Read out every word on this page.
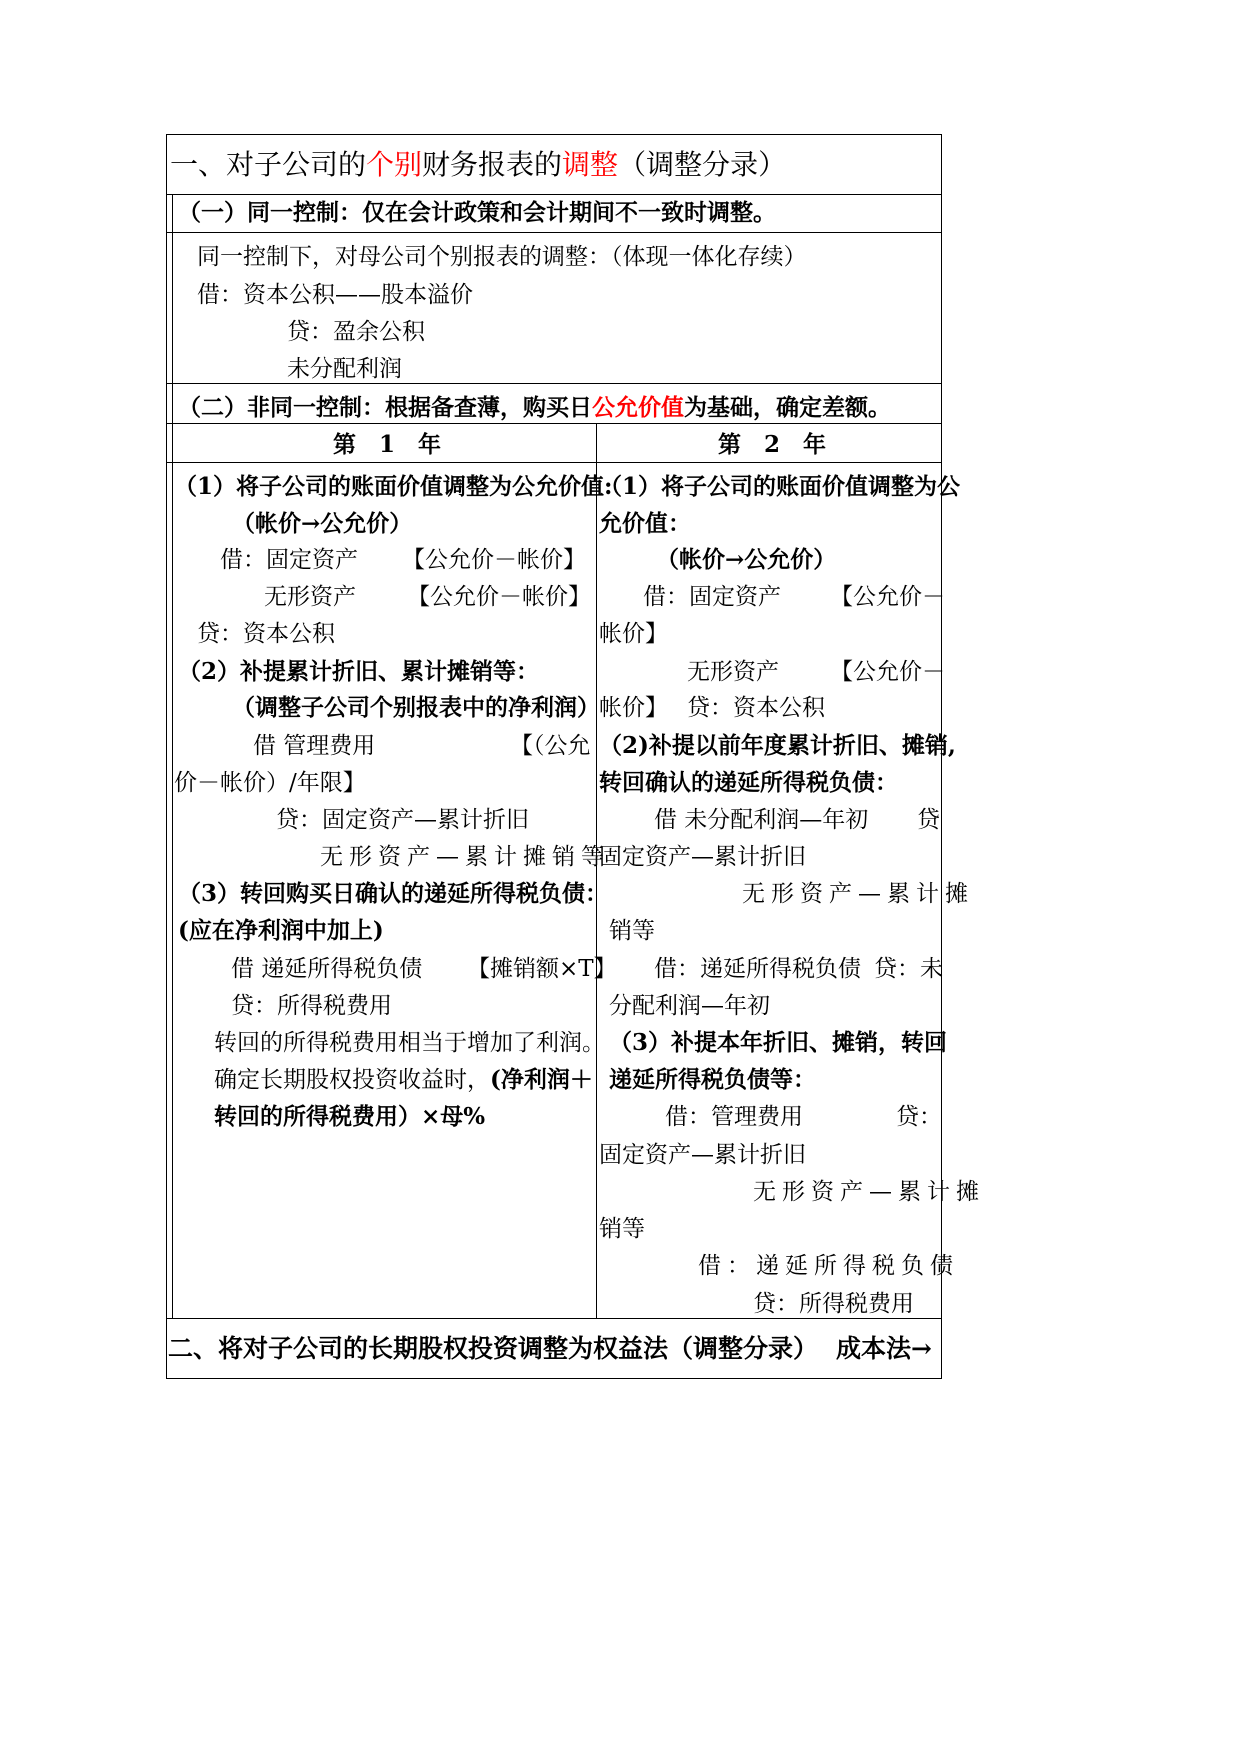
一、对子公司的个别财务报表的调整（调整分录）
（一）同一控制：仅在会计政策和会计期间不一致时调整。
同一控制下，对母公司个别报表的调整：（体现一体化存续）
借：资本公积——股本溢价
贷：盈余公积
未分配利润
（二）非同一控制：根据备查薄，购买日公允价值为基础，确定差额。
第　1　年	第　2　年
（1）将子公司的账面价值调整为公允价值:
（帐价→公允价）
借：固定资产 【公允价－帐价】
无形资产 【公允价－帐价】
贷：资本公积
（2）补提累计折旧、累计摊销等：
（调整子公司个别报表中的净利润）
借 管理费用	【（公允
价－帐价）/年限】
贷：固定资产—累计折旧
无形资产—累计摊销等
（3）转回购买日确认的递延所得税负债：
(应在净利润中加上)
借 递延所得税负债 【摊销额×T】
贷：所得税费用
转回的所得税费用相当于增加了利润。
确定长期股权投资收益时， (净利润＋
转回的所得税费用）×母%
（1）将子公司的账面价值调整为公
允价值：
（帐价→公允价）
借：固定资产 【公允价－
帐价】
无形资产 【公允价－
帐价】 贷：资本公积
（2)补提以前年度累计折旧、摊销,
转回确认的递延所得税负债：
借 未分配利润—年初 贷
固定资产—累计折旧
无形资产—累计摊
销等
借：递延所得税负债 贷：未
分配利润—年初
（3）补提本年折旧、摊销，转回
递延所得税负债等：
借：管理费用	贷：
固定资产—累计折旧
无形资产—累计摊
销等
借：递延所得税负债
贷：所得税费用
二、将对子公司的长期股权投资调整为权益法（调整分录） 成本法→
